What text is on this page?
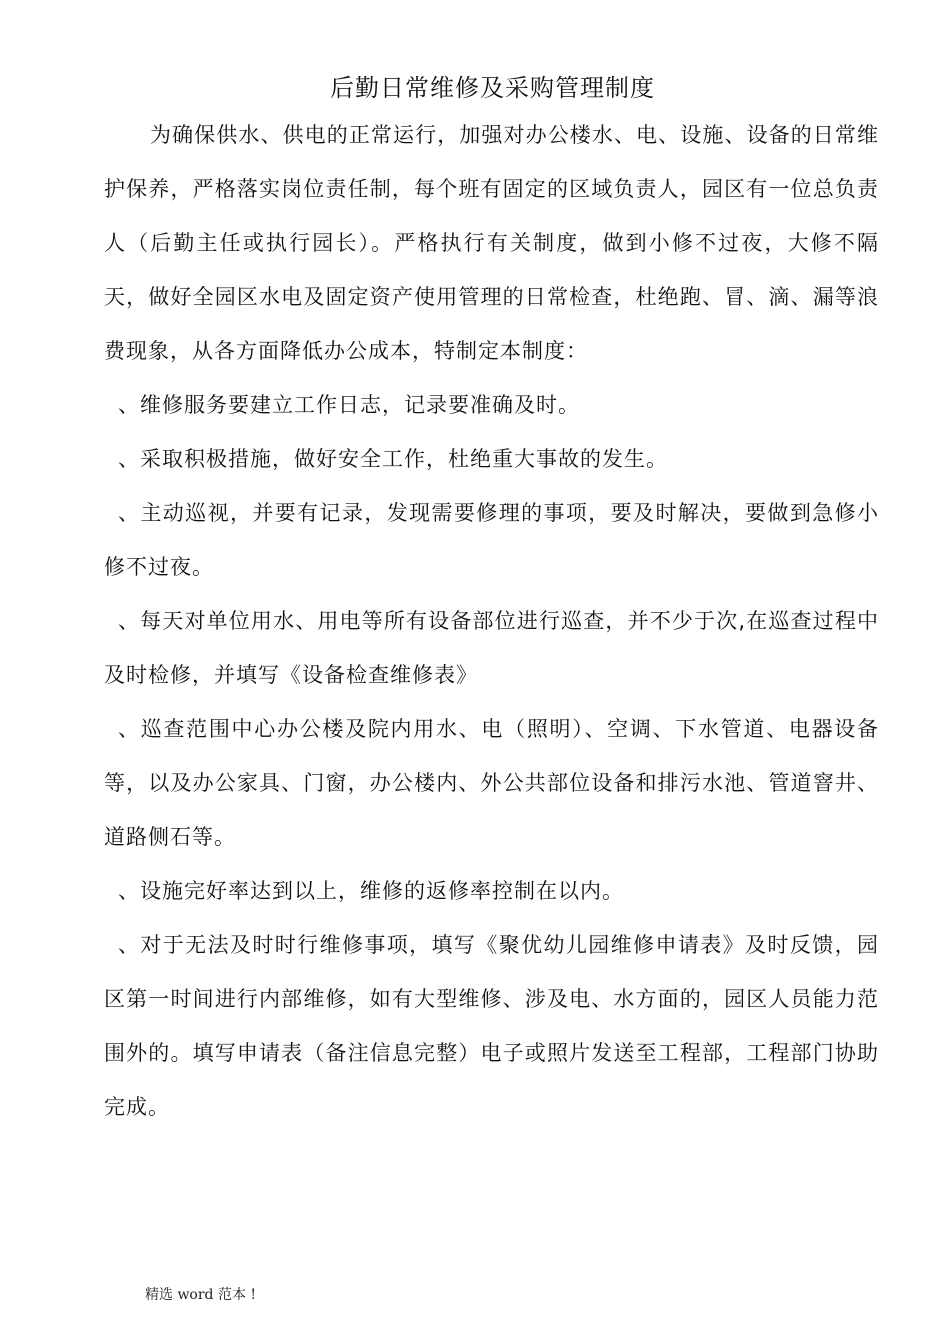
后勤日常维修及采购管理制度

为确保供水、供电的正常运行，加强对办公楼水、电、设施、设备的日常维护保养，严格落实岗位责任制，每个班有固定的区域负责人，园区有一位总负责人（后勤主任或执行园长）。严格执行有关制度，做到小修不过夜，大修不隔天，做好全园区水电及固定资产使用管理的日常检查，杜绝跑、冒、滴、漏等浪费现象，从各方面降低办公成本，特制定本制度：

、维修服务要建立工作日志，记录要准确及时。

、采取积极措施，做好安全工作，杜绝重大事故的发生。

、主动巡视，并要有记录，发现需要修理的事项，要及时解决，要做到急修小修不过夜。

、每天对单位用水、用电等所有设备部位进行巡查，并不少于次,在巡查过程中及时检修，并填写《设备检查维修表》

、巡查范围中心办公楼及院内用水、电（照明）、空调、下水管道、电器设备等，以及办公家具、门窗，办公楼内、外公共部位设备和排污水池、管道窨井、道路侧石等。

、设施完好率达到以上，维修的返修率控制在以内。

、对于无法及时时行维修事项，填写《聚优幼儿园维修申请表》及时反馈，园区第一时间进行内部维修，如有大型维修、涉及电、水方面的，园区人员能力范围外的。填写申请表（备注信息完整）电子或照片发送至工程部，工程部门协助完成。

精选 word 范本 !
